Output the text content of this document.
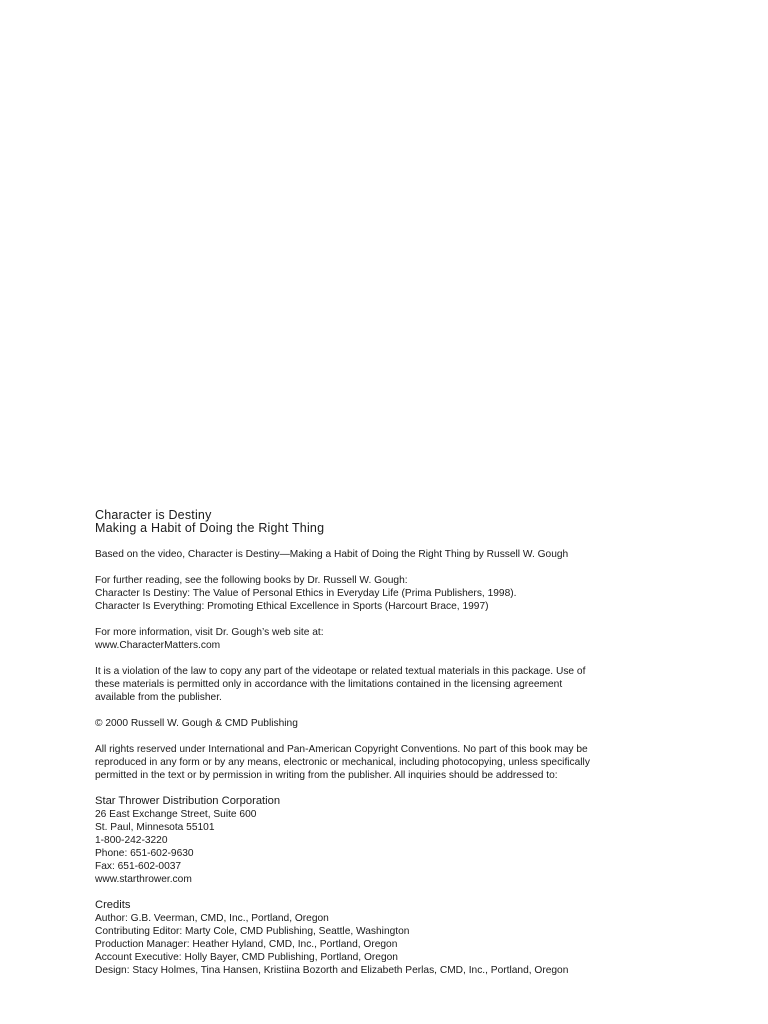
Character is Destiny
Making a Habit of Doing the Right Thing
Based on the video, Character is Destiny—Making a Habit of Doing the Right Thing by Russell W. Gough
For further reading, see the following books by Dr. Russell W. Gough:
Character Is Destiny: The Value of Personal Ethics in Everyday Life (Prima Publishers, 1998).
Character Is Everything: Promoting Ethical Excellence in Sports (Harcourt Brace, 1997)
For more information, visit Dr. Gough’s web site at:
www.CharacterMatters.com
It is a violation of the law to copy any part of the videotape or related textual materials in this package. Use of
these materials is permitted only in accordance with the limitations contained in the licensing agreement
available from the publisher.
© 2000 Russell W. Gough & CMD Publishing
All rights reserved under International and Pan-American Copyright Conventions. No part of this book may be
reproduced in any form or by any means, electronic or mechanical, including photocopying, unless specifically
permitted in the text or by permission in writing from the publisher. All inquiries should be addressed to:
Star Thrower Distribution Corporation
26 East Exchange Street, Suite 600
St. Paul, Minnesota 55101
1-800-242-3220
Phone: 651-602-9630
Fax: 651-602-0037
www.starthrower.com
Credits
Author: G.B. Veerman, CMD, Inc., Portland, Oregon
Contributing Editor: Marty Cole, CMD Publishing, Seattle, Washington
Production Manager: Heather Hyland, CMD, Inc., Portland, Oregon
Account Executive: Holly Bayer, CMD Publishing, Portland, Oregon
Design: Stacy Holmes, Tina Hansen, Kristiina Bozorth and Elizabeth Perlas, CMD, Inc., Portland, Oregon
